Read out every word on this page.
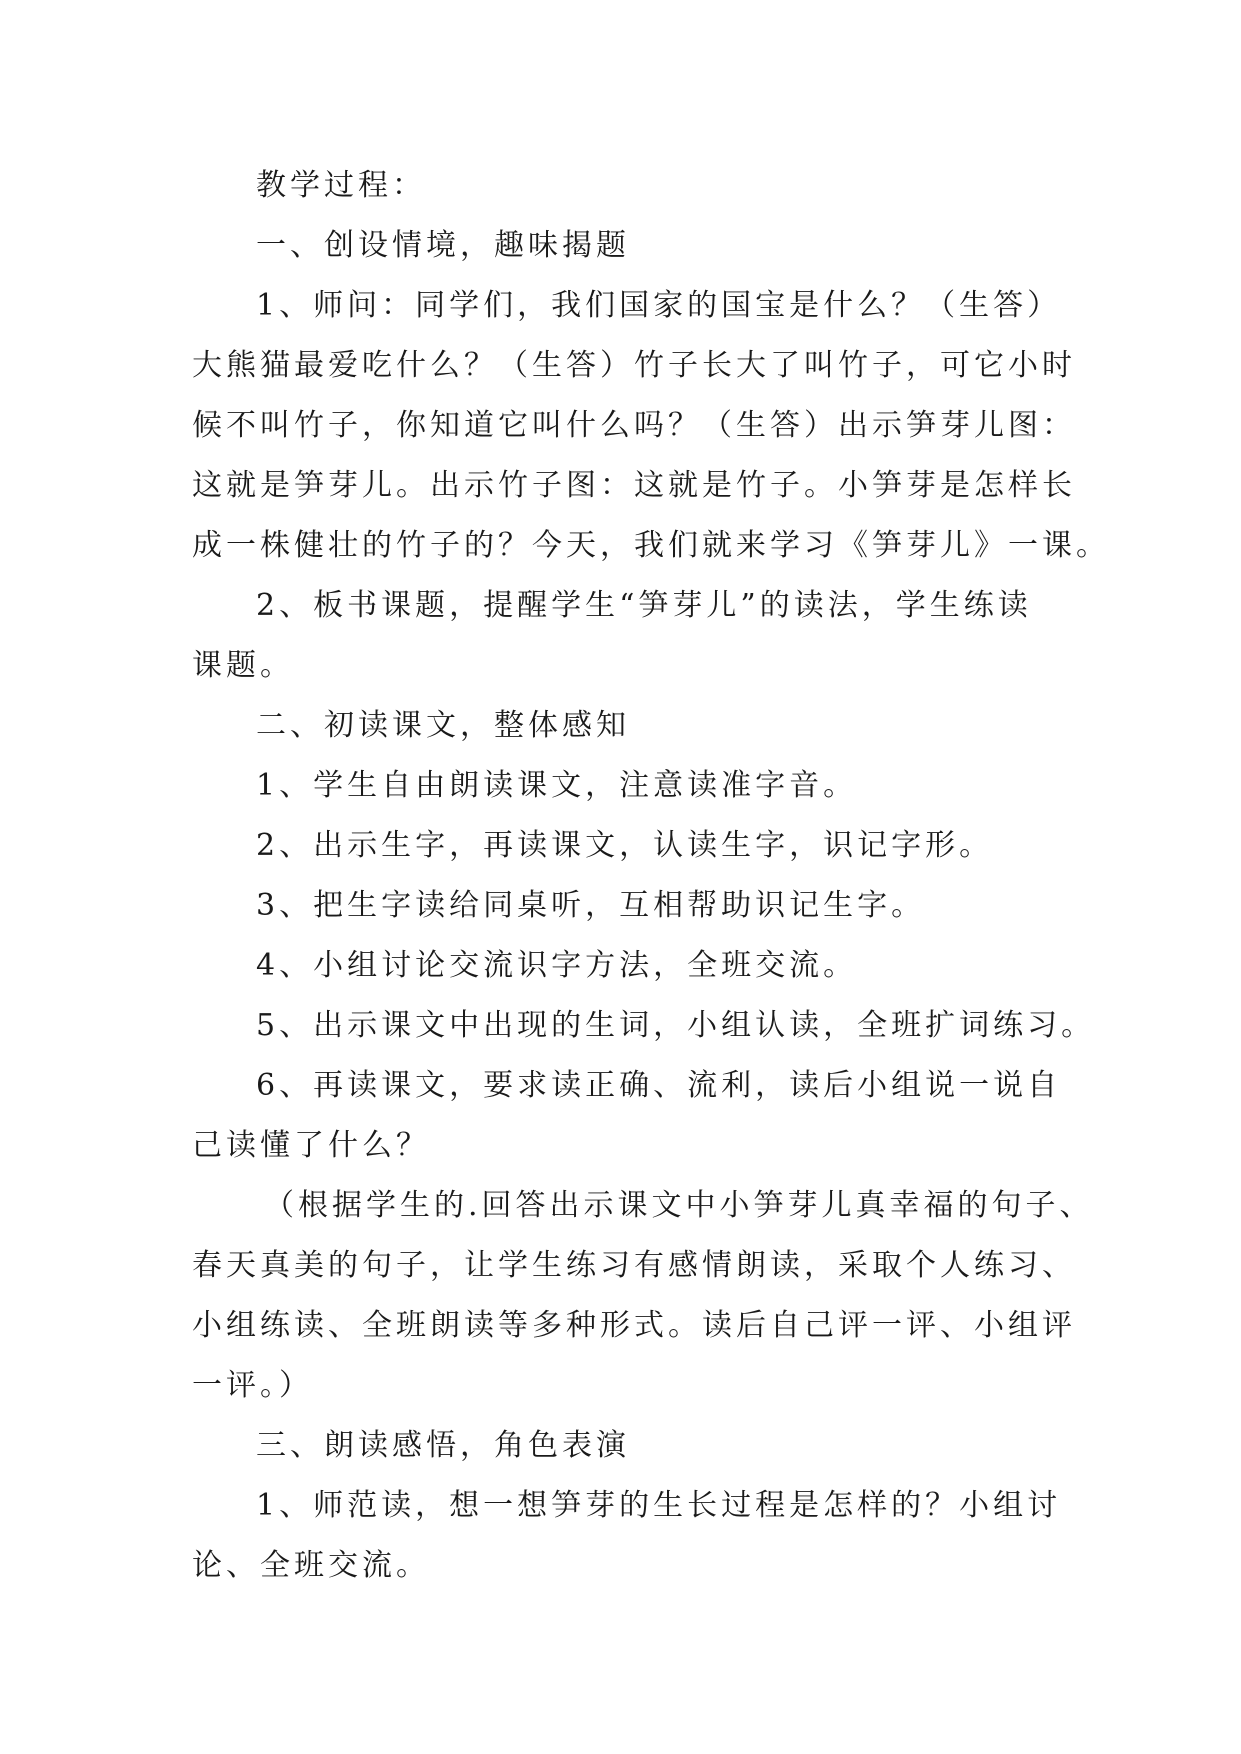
教学过程：

一、创设情境，趣味揭题

1、师问：同学们，我们国家的国宝是什么？（生答）

大熊猫最爱吃什么？（生答）竹子长大了叫竹子，可它小时

候不叫竹子，你知道它叫什么吗？（生答）出示笋芽儿图：

这就是笋芽儿。出示竹子图：这就是竹子。小笋芽是怎样长

成一株健壮的竹子的？今天，我们就来学习《笋芽儿》一课。

2、板书课题，提醒学生“笋芽儿”的读法，学生练读

课题。

二、初读课文，整体感知

1、学生自由朗读课文，注意读准字音。

2、出示生字，再读课文，认读生字，识记字形。

3、把生字读给同桌听，互相帮助识记生字。

4、小组讨论交流识字方法，全班交流。

5、出示课文中出现的生词，小组认读，全班扩词练习。

6、再读课文，要求读正确、流利，读后小组说一说自

己读懂了什么？

（根据学生的.回答出示课文中小笋芽儿真幸福的句子、

春天真美的句子，让学生练习有感情朗读，采取个人练习、

小组练读、全班朗读等多种形式。读后自己评一评、小组评

一评。）

三、朗读感悟，角色表演

1、师范读，想一想笋芽的生长过程是怎样的？小组讨

论、全班交流。
